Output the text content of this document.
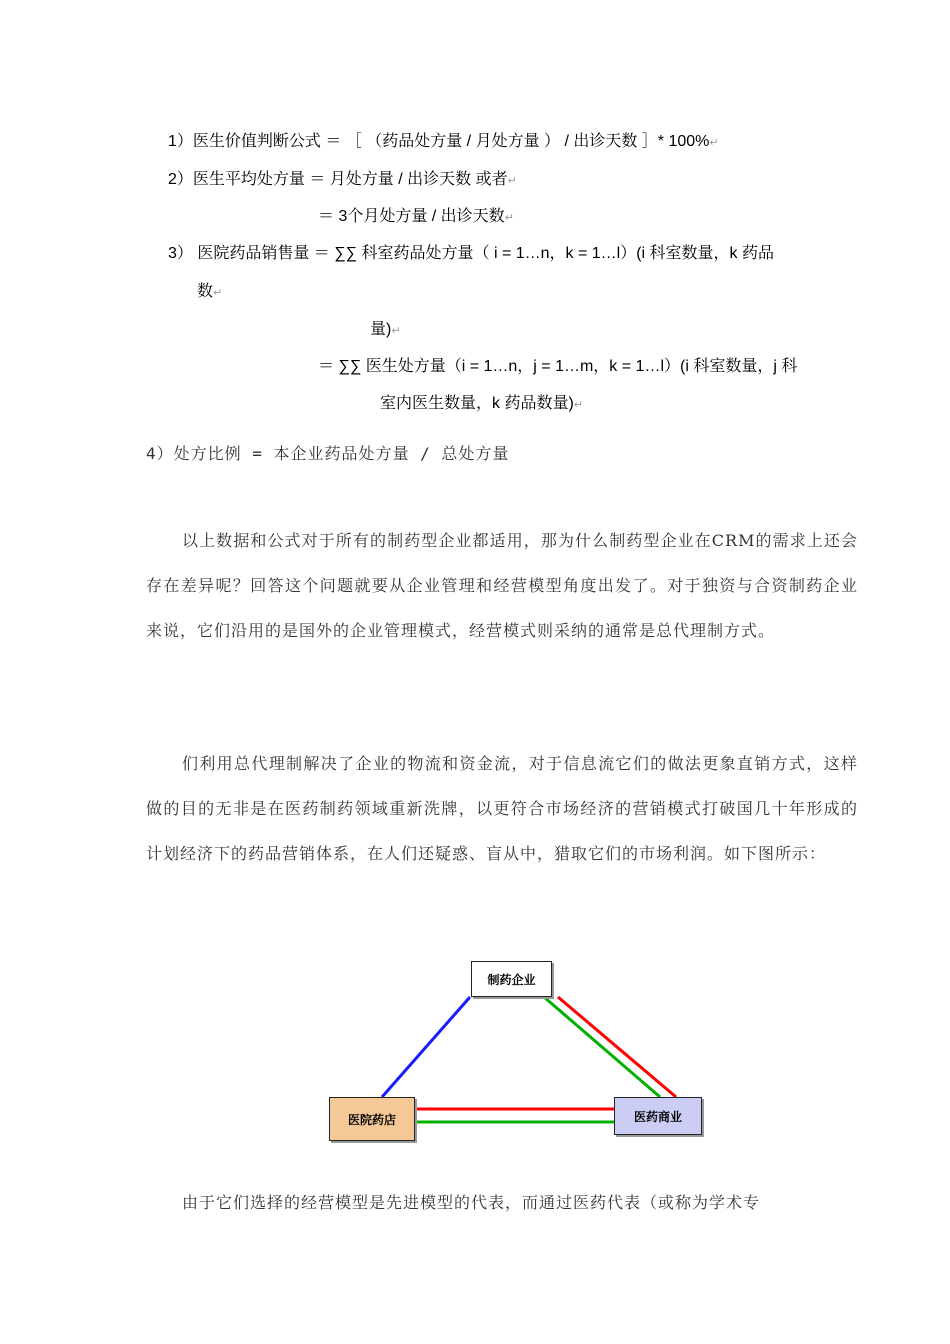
1）医生价值判断公式 ＝ ［ （药品处方量 / 月处方量 ） / 出诊天数 ］* 100%↵
2）医生平均处方量 ＝ 月处方量 / 出诊天数 或者↵
＝ 3个月处方量 / 出诊天数↵
3） 医院药品销售量 ＝ ∑∑ 科室药品处方量（ i = 1…n，k = 1…l）(i 科室数量，k 药品
数↵
量)↵
＝ ∑∑ 医生处方量（i = 1…n，j = 1…m，k = 1…l）(i 科室数量，j 科
室内医生数量，k 药品数量)↵
4）处方比例 = 本企业药品处方量 / 总处方量
以上数据和公式对于所有的制药型企业都适用，那为什么制药型企业在CRM的需求上还会存在差异呢？回答这个问题就要从企业管理和经营模型角度出发了。对于独资与合资制药企业来说，它们沿用的是国外的企业管理模式，经营模式则采纳的通常是总代理制方式。
们利用总代理制解决了企业的物流和资金流，对于信息流它们的做法更象直销方式，这样做的目的无非是在医药制药领域重新洗牌，以更符合市场经济的营销模式打破国几十年形成的计划经济下的药品营销体系，在人们还疑惑、盲从中，猎取它们的市场利润。如下图所示：
制药企业
医院药店	医药商业
由于它们选择的经营模型是先进模型的代表，而通过医药代表（或称为学术专
